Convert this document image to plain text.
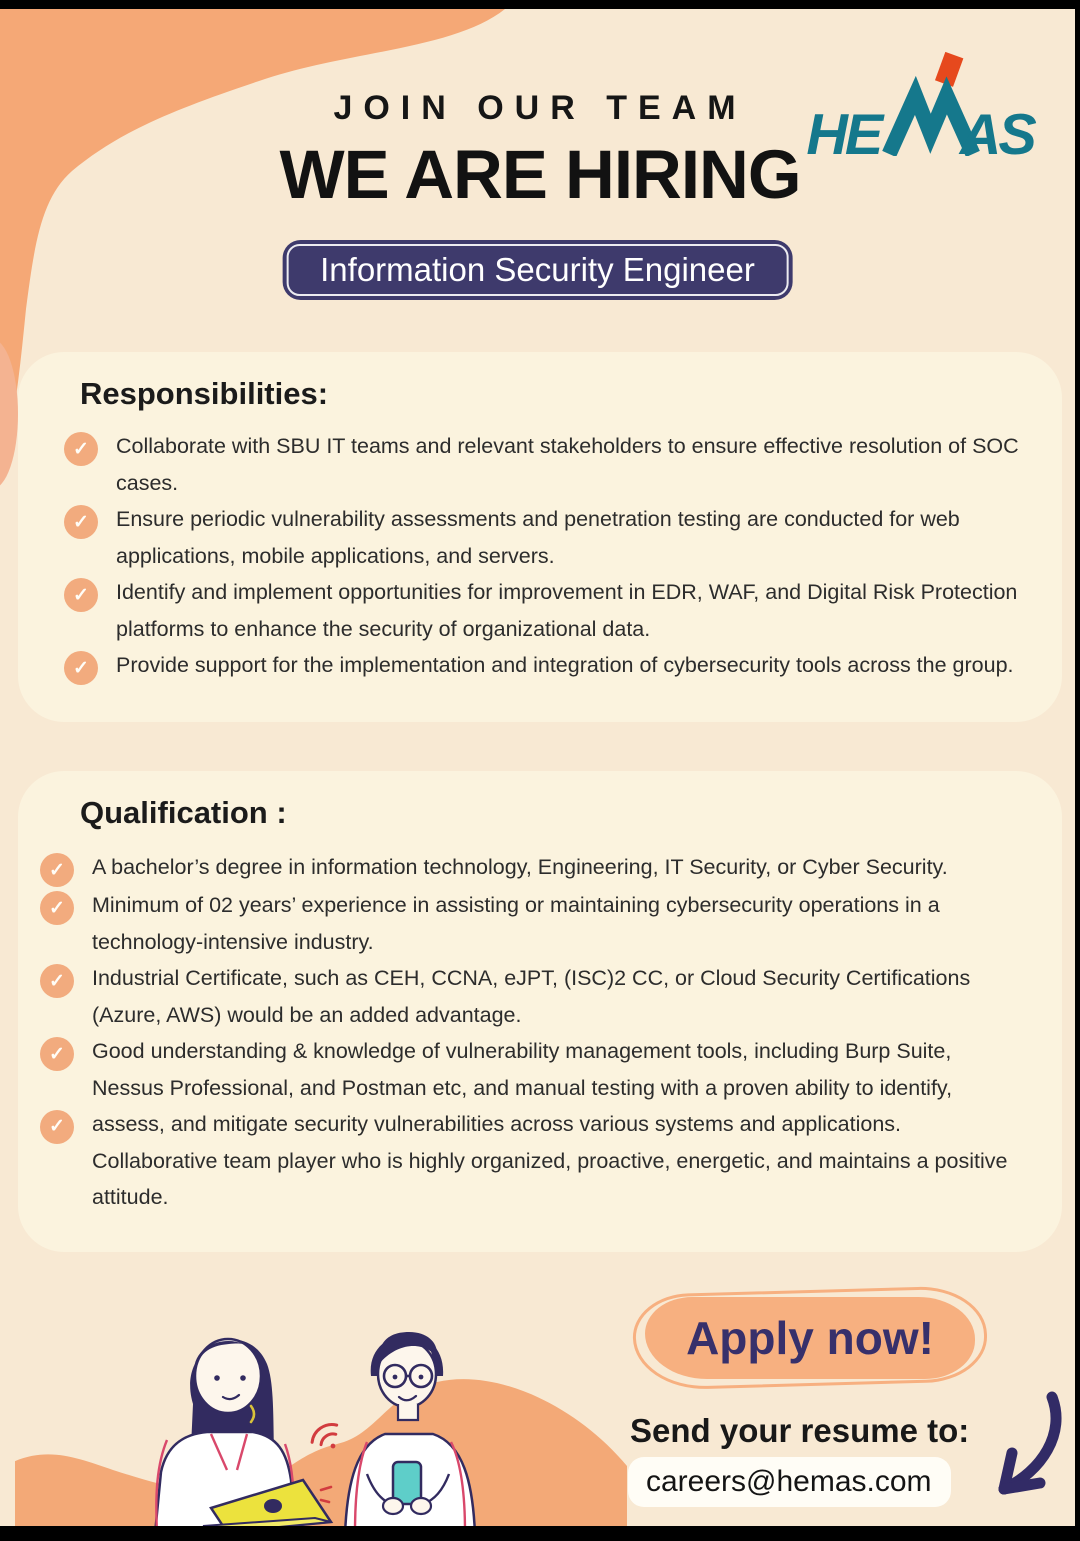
JOIN OUR TEAM
WE ARE HIRING
Information Security Engineer
HE AS
Responsibilities:
✓	Collaborate with SBU IT teams and relevant stakeholders to ensure effective resolution of SOC cases.

✓	Ensure periodic vulnerability assessments and penetration testing are conducted for web applications, mobile applications, and servers.

✓	Identify and implement opportunities for improvement in EDR, WAF, and Digital Risk Protection platforms to enhance the security of organizational data.

✓	Provide support for the implementation and integration of cybersecurity tools across the group.

Qualification :
✓	A bachelor’s degree in information technology, Engineering, IT Security, or Cyber Security.

✓	Minimum of 02 years’ experience in assisting or maintaining cybersecurity operations in a technology-intensive industry.

✓	Industrial Certificate, such as CEH, CCNA, eJPT, (ISC)2 CC, or Cloud Security Certifications (Azure, AWS) would be an added advantage.

✓	Good understanding & knowledge of vulnerability management tools, including Burp Suite, Nessus Professional, and Postman etc, and manual testing with a proven ability to identify, assess, and mitigate security vulnerabilities across various systems and applications.

✓

Collaborative team player who is highly organized, proactive, energetic, and maintains a positive attitude.

Apply now!
Send your resume to:
careers@hemas.com
